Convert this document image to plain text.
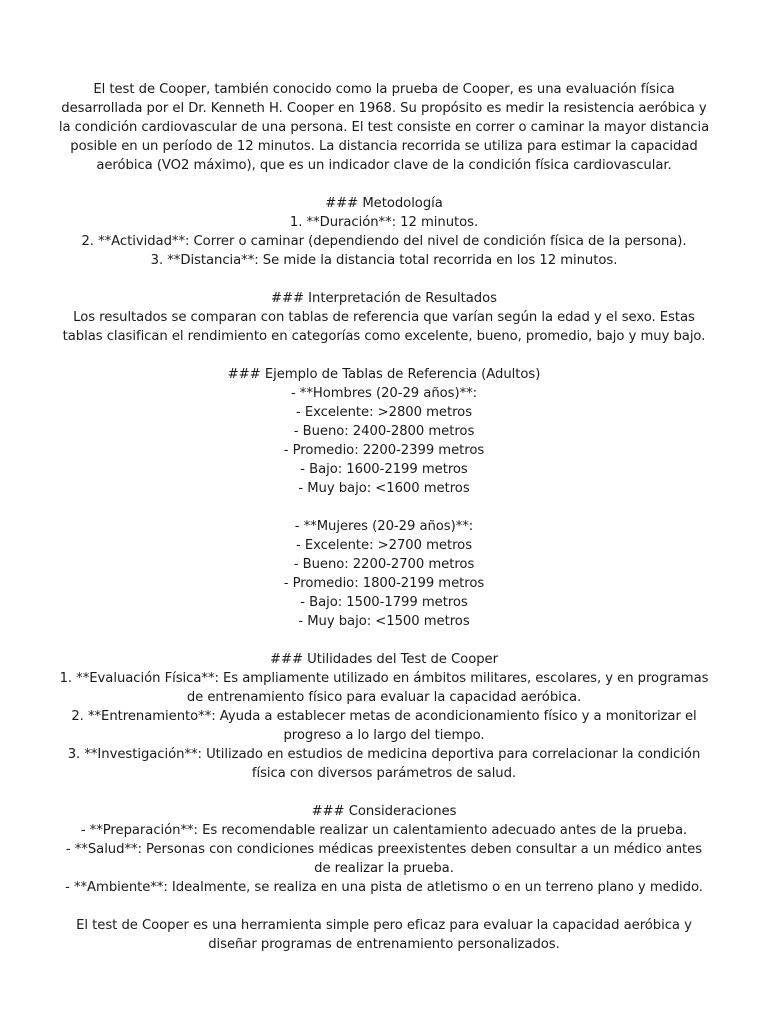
El test de Cooper, también conocido como la prueba de Cooper, es una evaluación física
desarrollada por el Dr. Kenneth H. Cooper en 1968. Su propósito es medir la resistencia aeróbica y
la condición cardiovascular de una persona. El test consiste en correr o caminar la mayor distancia
posible en un período de 12 minutos. La distancia recorrida se utiliza para estimar la capacidad
aeróbica (VO2 máximo), que es un indicador clave de la condición física cardiovascular.

### Metodología
1. **Duración**: 12 minutos.
2. **Actividad**: Correr o caminar (dependiendo del nivel de condición física de la persona).
3. **Distancia**: Se mide la distancia total recorrida en los 12 minutos.

### Interpretación de Resultados
Los resultados se comparan con tablas de referencia que varían según la edad y el sexo. Estas
tablas clasifican el rendimiento en categorías como excelente, bueno, promedio, bajo y muy bajo.

### Ejemplo de Tablas de Referencia (Adultos)
- **Hombres (20-29 años)**:
- Excelente: >2800 metros
- Bueno: 2400-2800 metros
- Promedio: 2200-2399 metros
- Bajo: 1600-2199 metros
- Muy bajo: <1600 metros

- **Mujeres (20-29 años)**:
- Excelente: >2700 metros
- Bueno: 2200-2700 metros
- Promedio: 1800-2199 metros
- Bajo: 1500-1799 metros
- Muy bajo: <1500 metros

### Utilidades del Test de Cooper
1. **Evaluación Física**: Es ampliamente utilizado en ámbitos militares, escolares, y en programas
de entrenamiento físico para evaluar la capacidad aeróbica.
2. **Entrenamiento**: Ayuda a establecer metas de acondicionamiento físico y a monitorizar el
progreso a lo largo del tiempo.
3. **Investigación**: Utilizado en estudios de medicina deportiva para correlacionar la condición
física con diversos parámetros de salud.

### Consideraciones
- **Preparación**: Es recomendable realizar un calentamiento adecuado antes de la prueba.
- **Salud**: Personas con condiciones médicas preexistentes deben consultar a un médico antes
de realizar la prueba.
- **Ambiente**: Idealmente, se realiza en una pista de atletismo o en un terreno plano y medido.

El test de Cooper es una herramienta simple pero eficaz para evaluar la capacidad aeróbica y
diseñar programas de entrenamiento personalizados.
